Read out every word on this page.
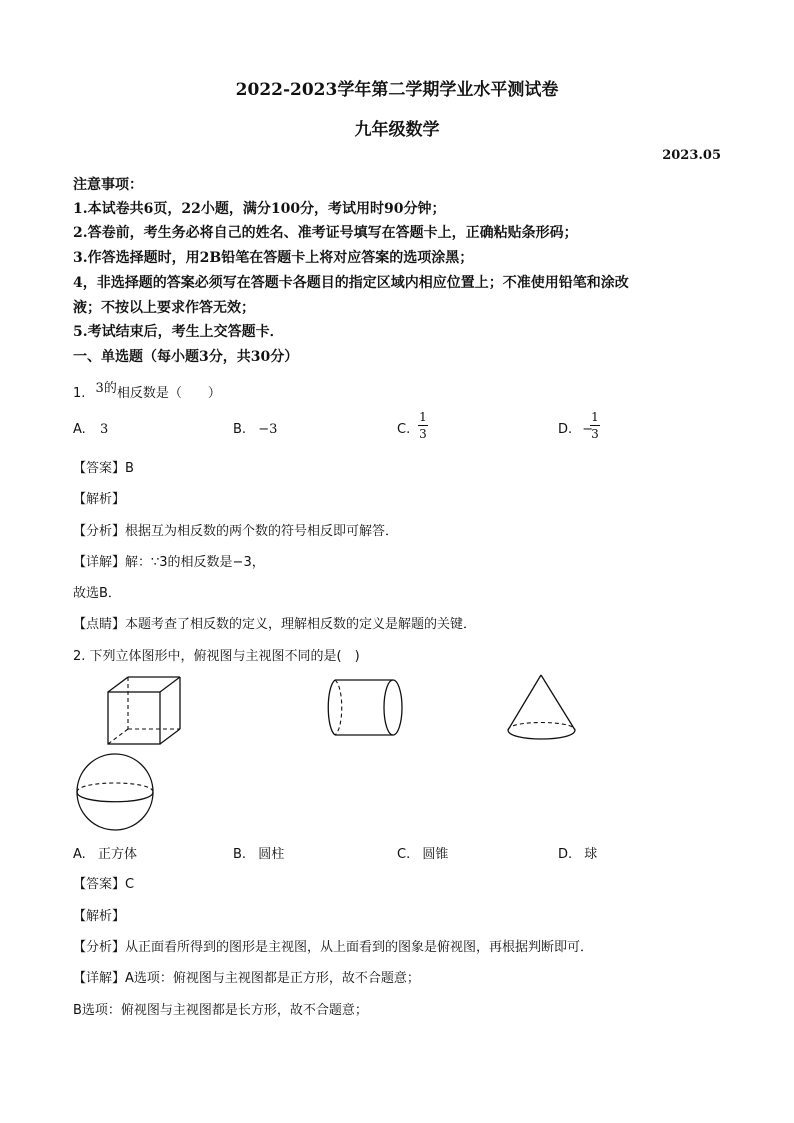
2022-2023学年第二学期学业水平测试卷
九年级数学
2023.05
注意事项：
1.本试卷共6页，22小题，满分100分，考试用时90分钟；
2.答卷前，考生务必将自己的姓名、准考证号填写在答题卡上，正确粘贴条形码；
3.作答选择题时，用2B铅笔在答题卡上将对应答案的选项涂黑；
4，非选择题的答案必须写在答题卡各题目的指定区域内相应位置上；不准使用铅笔和涂改
液；不按以上要求作答无效；
5.考试结束后，考生上交答题卡．
一、单选题（每小题3分，共30分）
1. 3的相反数是（　　）
A. 3	B. −3	C.
1
3	D. −
1
3
【答案】B
【解析】
【分析】根据互为相反数的两个数的符号相反即可解答．
【详解】解：∵3的相反数是−3，
故选B．
【点睛】本题考查了相反数的定义，理解相反数的定义是解题的关键．
2. 下列立体图形中，俯视图与主视图不同的是(　)
A. 正方体	B. 圆柱	C. 圆锥	D. 球
【答案】C
【解析】
【分析】从正面看所得到的图形是主视图，从上面看到的图象是俯视图，再根据判断即可．
【详解】A选项：俯视图与主视图都是正方形，故不合题意；
B选项：俯视图与主视图都是长方形，故不合题意；
